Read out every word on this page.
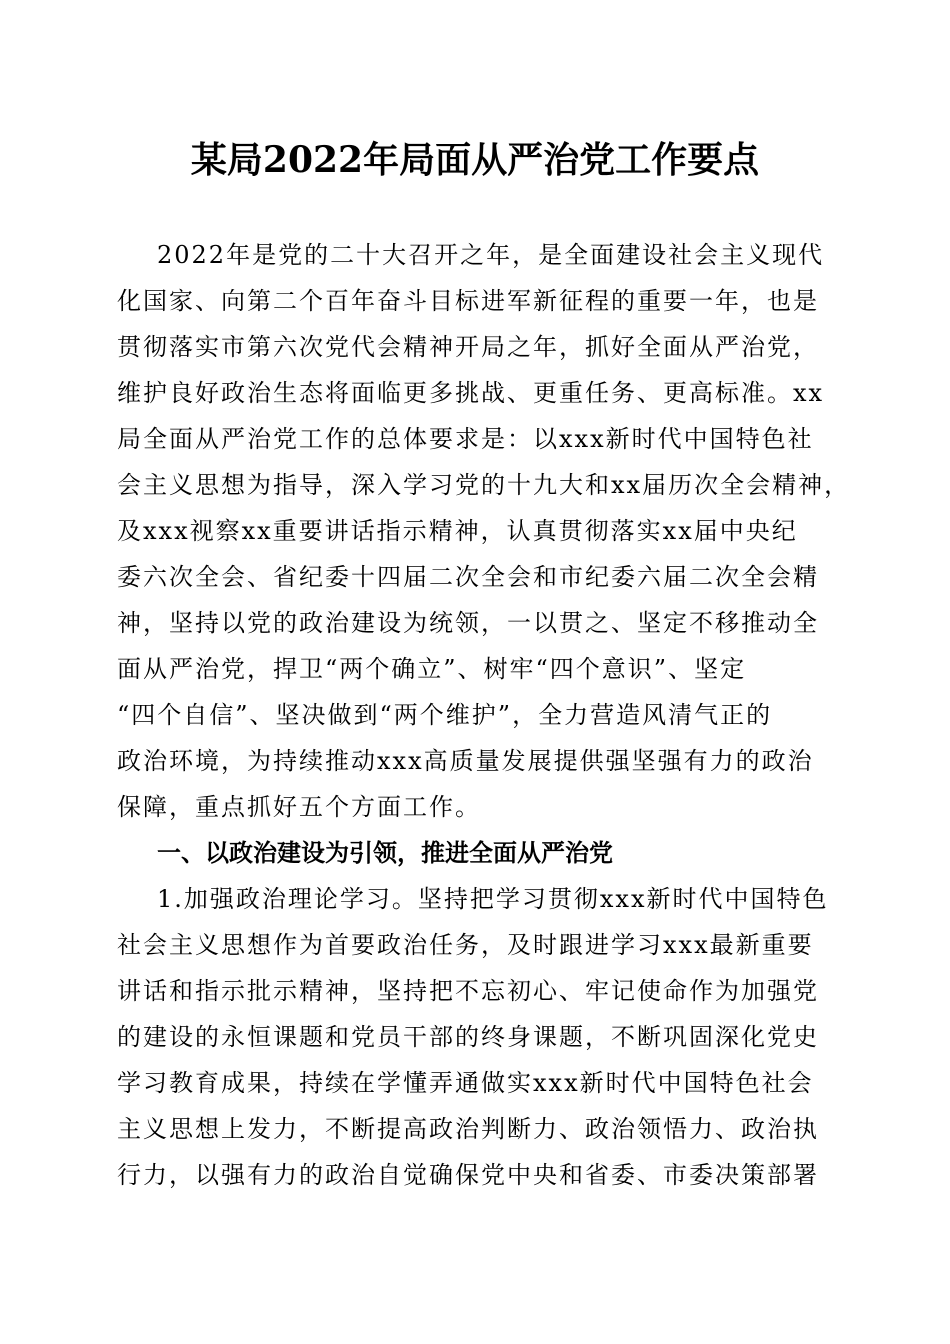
某局2022年局面从严治党工作要点
2022年是党的二十大召开之年，是全面建设社会主义现代
化国家、向第二个百年奋斗目标进军新征程的重要一年，也是
贯彻落实市第六次党代会精神开局之年，抓好全面从严治党，
维护良好政治生态将面临更多挑战、更重任务、更高标准。xx
局全面从严治党工作的总体要求是：以xxx新时代中国特色社
会主义思想为指导，深入学习党的十九大和xx届历次全会精神，
及xxx视察xx重要讲话指示精神，认真贯彻落实xx届中央纪
委六次全会、省纪委十四届二次全会和市纪委六届二次全会精
神，坚持以党的政治建设为统领，一以贯之、坚定不移推动全
面从严治党，捍卫“两个确立”、树牢“四个意识”、坚定
“四个自信”、坚决做到“两个维护”，全力营造风清气正的
政治环境，为持续推动xxx高质量发展提供强坚强有力的政治
保障，重点抓好五个方面工作。
一、以政治建设为引领，推进全面从严治党
1.加强政治理论学习。坚持把学习贯彻xxx新时代中国特色
社会主义思想作为首要政治任务，及时跟进学习xxx最新重要
讲话和指示批示精神，坚持把不忘初心、牢记使命作为加强党
的建设的永恒课题和党员干部的终身课题，不断巩固深化党史
学习教育成果，持续在学懂弄通做实xxx新时代中国特色社会
主义思想上发力，不断提高政治判断力、政治领悟力、政治执
行力，以强有力的政治自觉确保党中央和省委、市委决策部署
